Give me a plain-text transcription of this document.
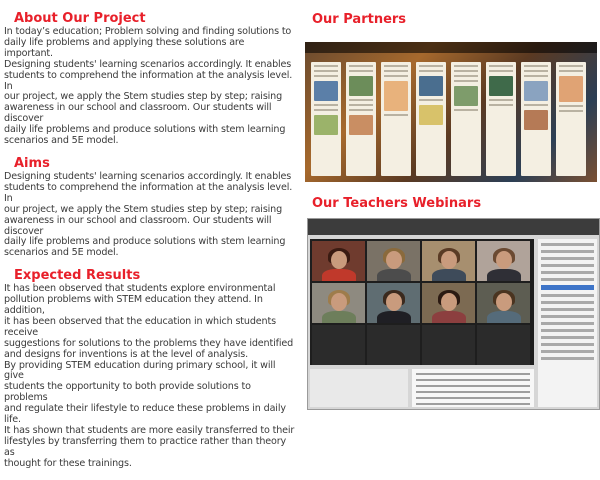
About Our Project

In today’s education; Problem solving and finding solutions to
daily life problems and applying these solutions are important.
Designing students' learning scenarios accordingly. It enables
students to comprehend the information at the analysis level. In
our project, we apply the Stem studies step by step; raising
awareness in our school and classroom. Our students will discover
daily life problems and produce solutions with stem learning
scenarios and 5E model.

Aims

Designing students' learning scenarios accordingly. It enables
students to comprehend the information at the analysis level. In
our project, we apply the Stem studies step by step; raising
awareness in our school and classroom. Our students will discover
daily life problems and produce solutions with stem learning
scenarios and 5E model.

Expected Results

It has been observed that students explore environmental
pollution problems with STEM education they attend. In addition,
it has been observed that the education in which students receive
suggestions for solutions to the problems they have identified
and designs for inventions is at the level of analysis.
By providing STEM education during primary school, it will give
students the opportunity to both provide solutions to problems
and regulate their lifestyle to reduce these problems in daily life.
It has shown that students are more easily transferred to their
lifestyles by transferring them to practice rather than theory as
thought for these trainings.

Our Partners
Our Teachers Webinars
